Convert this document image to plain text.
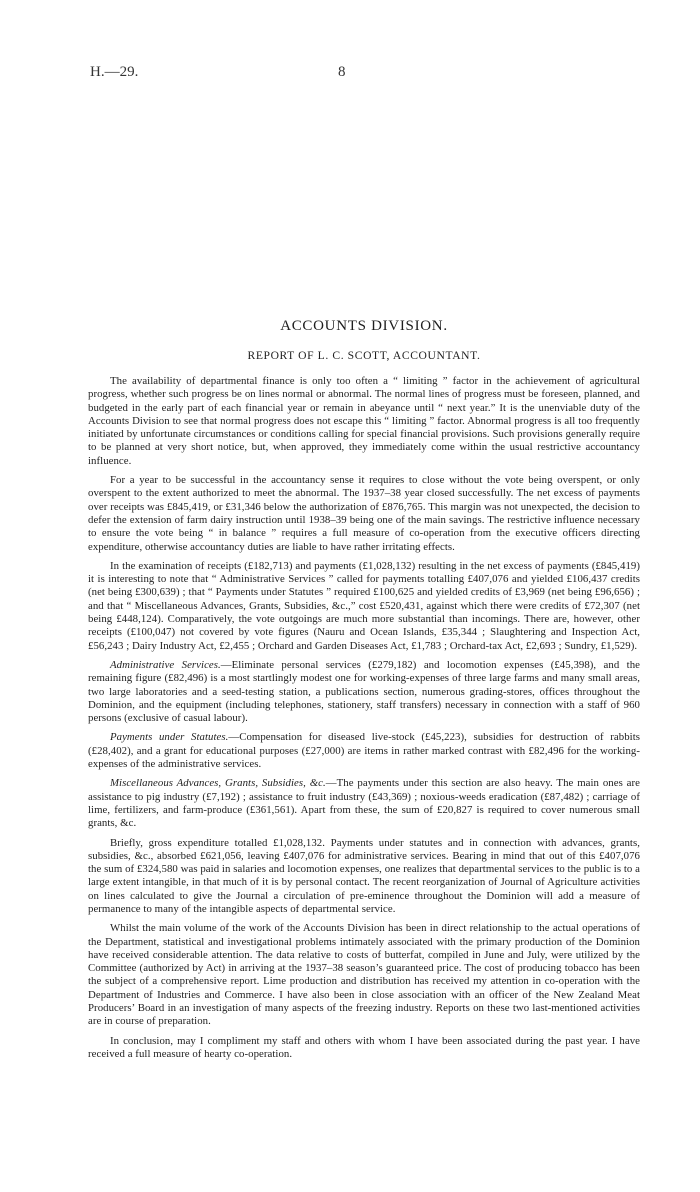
H.—29.	8
ACCOUNTS DIVISION.
REPORT OF L. C. SCOTT, ACCOUNTANT.

The availability of departmental finance is only too often a “ limiting ” factor in the achievement of agricultural progress, whether such progress be on lines normal or abnormal. The normal lines of progress must be foreseen, planned, and budgeted in the early part of each financial year or remain in abeyance until “ next year.” It is the unenviable duty of the Accounts Division to see that normal progress does not escape this “ limiting ” factor. Abnormal progress is all too frequently initiated by unfortunate circumstances or conditions calling for special financial provisions. Such provisions generally require to be planned at very short notice, but, when approved, they immediately come within the usual restrictive accountancy influence.

For a year to be successful in the accountancy sense it requires to close without the vote being overspent, or only overspent to the extent authorized to meet the abnormal. The 1937–38 year closed successfully. The net excess of payments over receipts was £845,419, or £31,346 below the authorization of £876,765. This margin was not unexpected, the decision to defer the extension of farm dairy instruction until 1938–39 being one of the main savings. The restrictive influence necessary to ensure the vote being “ in balance ” requires a full measure of co-operation from the executive officers directing expenditure, otherwise accountancy duties are liable to have rather irritating effects.

In the examination of receipts (£182,713) and payments (£1,028,132) resulting in the net excess of payments (£845,419) it is interesting to note that “ Administrative Services ” called for payments totalling £407,076 and yielded £106,437 credits (net being £300,639) ; that “ Payments under Statutes ” required £100,625 and yielded credits of £3,969 (net being £96,656) ; and that “ Miscellaneous Advances, Grants, Subsidies, &c.,” cost £520,431, against which there were credits of £72,307 (net being £448,124). Comparatively, the vote outgoings are much more substantial than incomings. There are, however, other receipts (£100,047) not covered by vote figures (Nauru and Ocean Islands, £35,344 ; Slaughtering and Inspection Act, £56,243 ; Dairy Industry Act, £2,455 ; Orchard and Garden Diseases Act, £1,783 ; Orchard-tax Act, £2,693 ; Sundry, £1,529).

Administrative Services.—Eliminate personal services (£279,182) and locomotion expenses (£45,398), and the remaining figure (£82,496) is a most startlingly modest one for working-expenses of three large farms and many small areas, two large laboratories and a seed-testing station, a publications section, numerous grading-stores, offices throughout the Dominion, and the equipment (including telephones, stationery, staff transfers) necessary in connection with a staff of 960 persons (exclusive of casual labour).

Payments under Statutes.—Compensation for diseased live-stock (£45,223), subsidies for destruction of rabbits (£28,402), and a grant for educational purposes (£27,000) are items in rather marked contrast with £82,496 for the working-expenses of the administrative services.

Miscellaneous Advances, Grants, Subsidies, &c.—The payments under this section are also heavy. The main ones are assistance to pig industry (£7,192) ; assistance to fruit industry (£43,369) ; noxious-weeds eradication (£87,482) ; carriage of lime, fertilizers, and farm-produce (£361,561). Apart from these, the sum of £20,827 is required to cover numerous small grants, &c.

Briefly, gross expenditure totalled £1,028,132. Payments under statutes and in connection with advances, grants, subsidies, &c., absorbed £621,056, leaving £407,076 for administrative services. Bearing in mind that out of this £407,076 the sum of £324,580 was paid in salaries and locomotion expenses, one realizes that departmental services to the public is to a large extent intangible, in that much of it is by personal contact. The recent reorganization of Journal of Agriculture activities on lines calculated to give the Journal a circulation of pre-eminence throughout the Dominion will add a measure of permanence to many of the intangible aspects of departmental service.

Whilst the main volume of the work of the Accounts Division has been in direct relationship to the actual operations of the Department, statistical and investigational problems intimately associated with the primary production of the Dominion have received considerable attention. The data relative to costs of butterfat, compiled in June and July, were utilized by the Committee (authorized by Act) in arriving at the 1937–38 season’s guaranteed price. The cost of producing tobacco has been the subject of a comprehensive report. Lime production and distribution has received my attention in co-operation with the Department of Industries and Commerce. I have also been in close association with an officer of the New Zealand Meat Producers’ Board in an investigation of many aspects of the freezing industry. Reports on these two last-mentioned activities are in course of preparation.

In conclusion, may I compliment my staff and others with whom I have been associated during the past year. I have received a full measure of hearty co-operation.
